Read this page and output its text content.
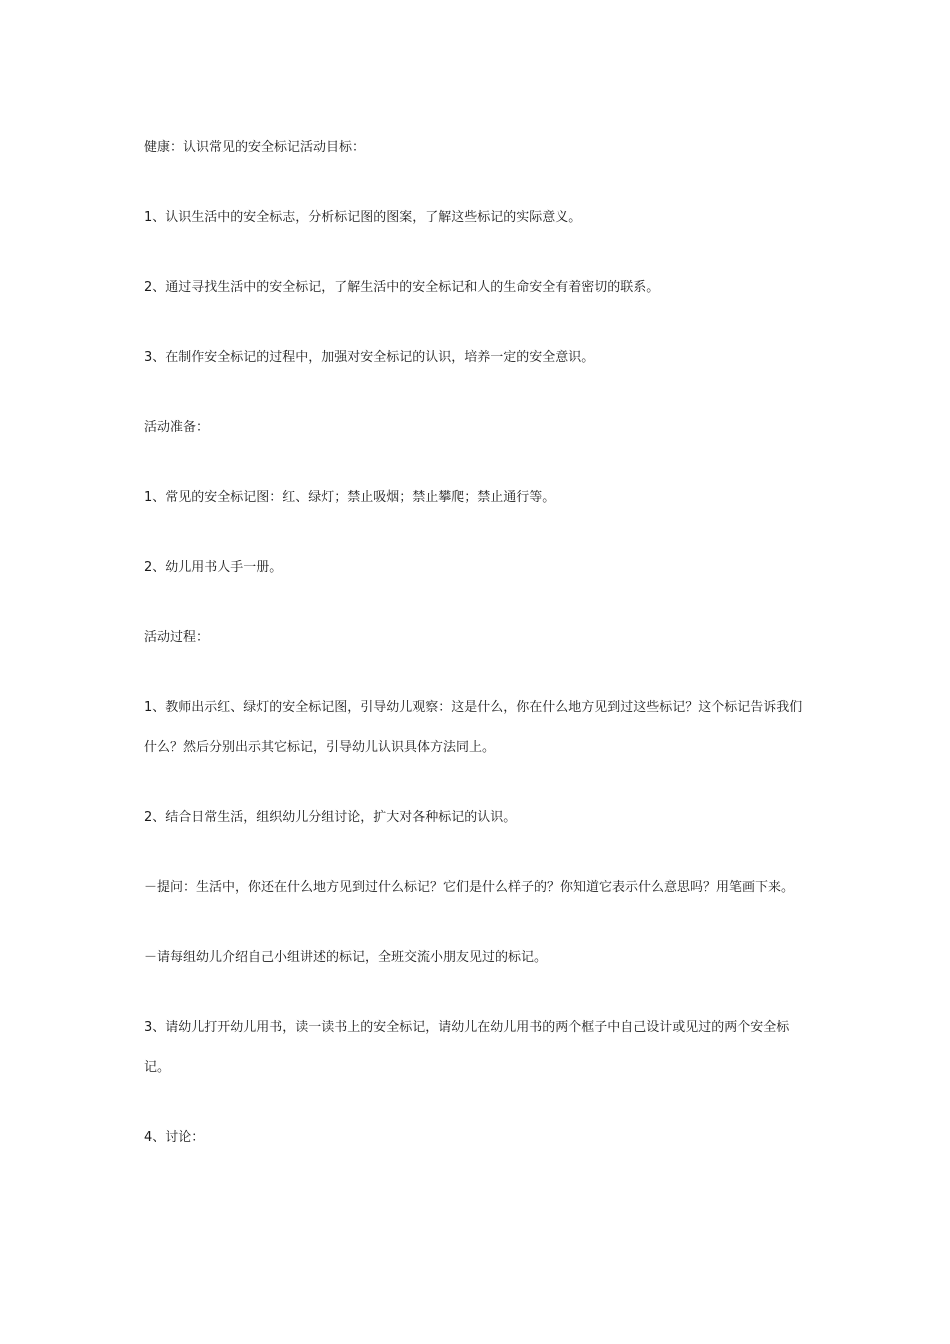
健康：认识常见的安全标记活动目标：

1、认识生活中的安全标志，分析标记图的图案，了解这些标记的实际意义。

2、通过寻找生活中的安全标记，了解生活中的安全标记和人的生命安全有着密切的联系。

3、在制作安全标记的过程中，加强对安全标记的认识，培养一定的安全意识。

活动准备：

1、常见的安全标记图：红、绿灯；禁止吸烟；禁止攀爬；禁止通行等。

2、幼儿用书人手一册。

活动过程：

1、教师出示红、绿灯的安全标记图，引导幼儿观察：这是什么，你在什么地方见到过这些标记？这个标记告诉我们什么？然后分别出示其它标记，引导幼儿认识具体方法同上。

2、结合日常生活，组织幼儿分组讨论，扩大对各种标记的认识。

－提问：生活中，你还在什么地方见到过什么标记？它们是什么样子的？你知道它表示什么意思吗？用笔画下来。

－请每组幼儿介绍自己小组讲述的标记，全班交流小朋友见过的标记。

3、请幼儿打开幼儿用书，读一读书上的安全标记，请幼儿在幼儿用书的两个框子中自己设计或见过的两个安全标记。

4、讨论：
